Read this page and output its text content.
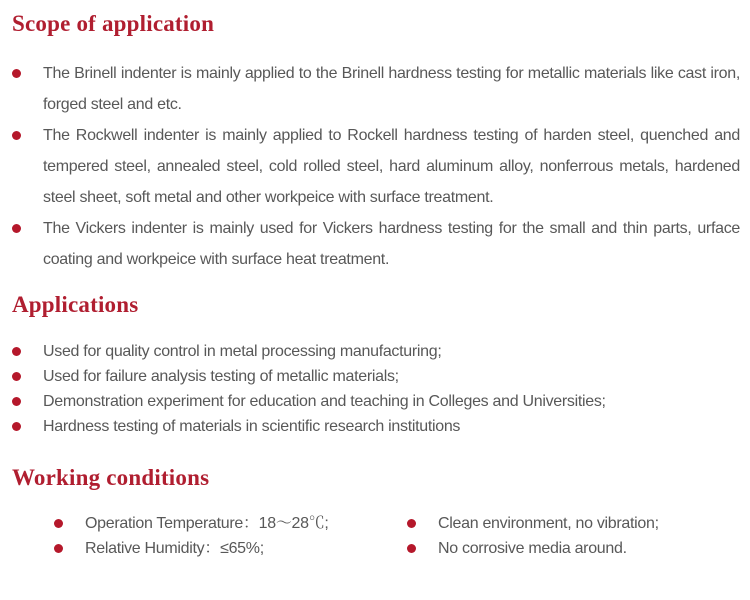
Scope of application
The Brinell indenter is mainly applied to the Brinell hardness testing for metallic materials like cast iron, forged steel and etc.
The Rockwell indenter is mainly applied to Rockell hardness testing of harden steel, quenched and tempered steel, annealed steel, cold rolled steel, hard aluminum alloy, nonferrous metals, hardened steel sheet, soft metal and other workpeice with surface treatment.
The Vickers indenter is mainly used for Vickers hardness testing for the small and thin parts, urface coating and workpeice with surface heat treatment.
Applications
Used for quality control in metal processing manufacturing;
Used for failure analysis testing of metallic materials;
Demonstration experiment for education and teaching in Colleges and Universities;
Hardness testing of materials in scientific research institutions
Working conditions
Operation Temperature：18～28℃;
Relative Humidity：≤65%;
Clean environment, no vibration;
No corrosive media around.
